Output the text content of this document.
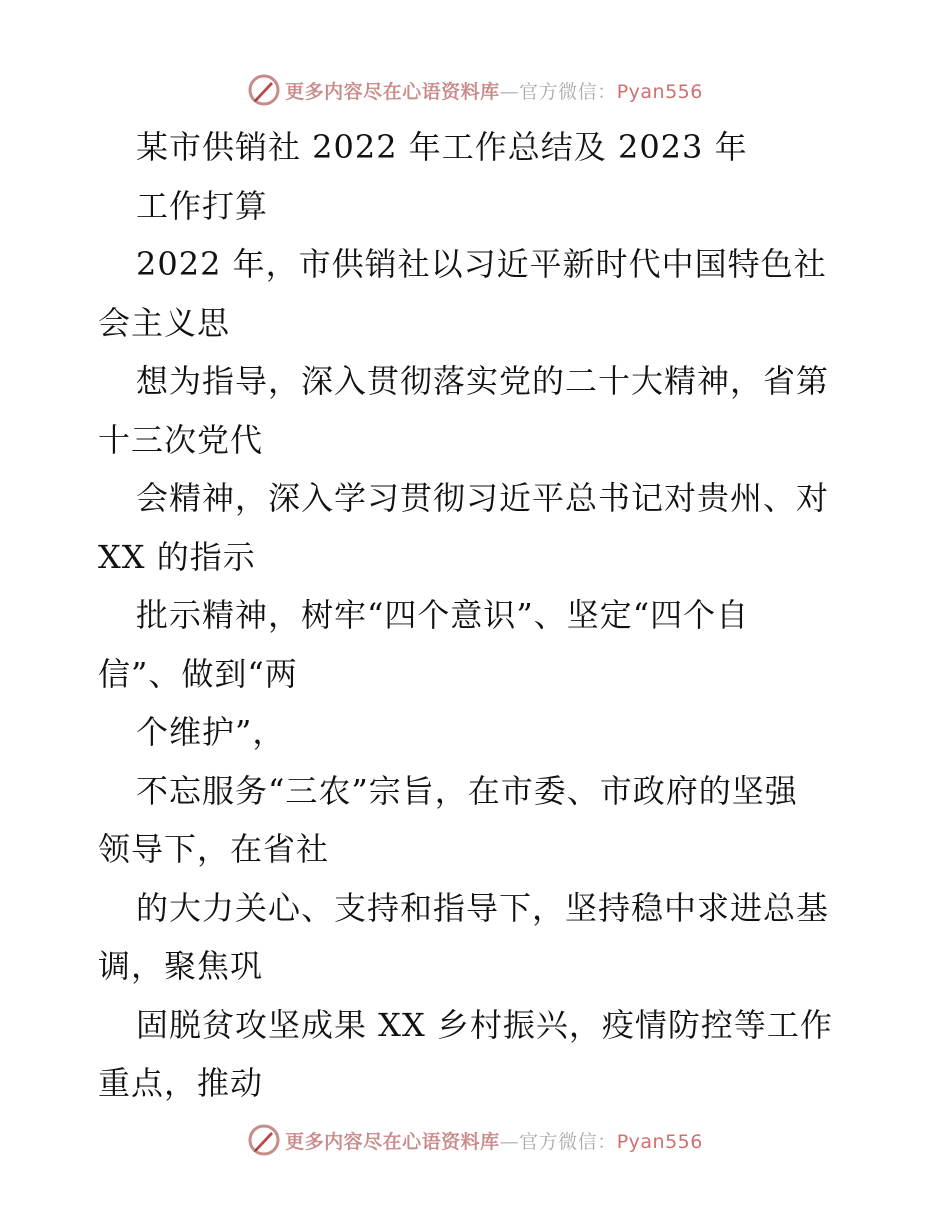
更多内容尽在心语资料库—官方微信：Pyan556
某市供销社 2022 年工作总结及 2023 年
工作打算
2022 年，市供销社以习近平新时代中国特色社
会主义思
想为指导，深入贯彻落实党的二十大精神，省第
十三次党代
会精神，深入学习贯彻习近平总书记对贵州、对
XX 的指示
批示精神，树牢“四个意识”、坚定“四个自
信”、做到“两
个维护”，
不忘服务“三农”宗旨，在市委、市政府的坚强
领导下，在省社
的大力关心、支持和指导下，坚持稳中求进总基
调，聚焦巩
固脱贫攻坚成果 XX 乡村振兴，疫情防控等工作
重点，推动
更多内容尽在心语资料库—官方微信：Pyan556
